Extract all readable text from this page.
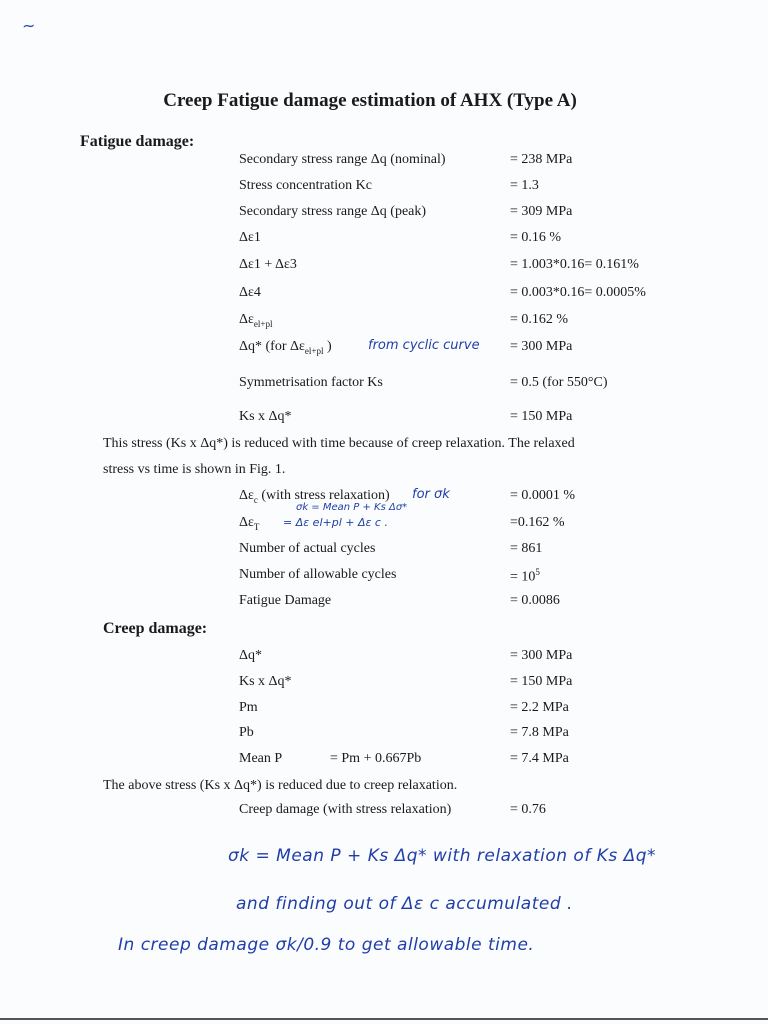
~
Creep Fatigue damage estimation of AHX (Type A)
Fatigue damage:
Secondary stress range Δq (nominal)	= 238 MPa
Stress concentration Kc	= 1.3
Secondary stress range Δq (peak)	= 309 MPa
Δε1	= 0.16 %
Δε1 + Δε3	= 1.003*0.16= 0.161%
Δε4	= 0.003*0.16= 0.0005%
$\Delta\varepsilon_{el+pl}$	= 0.162 %
Δq* (for $\Delta\varepsilon_{el+pl}$ )	from cyclic curve = 300 MPa
Symmetrisation factor Ks	= 0.5 (for 550°C)
Ks x Δq*	= 150 MPa
This stress (Ks x Δq*) is reduced with time because of creep relaxation. The relaxed
stress vs time is shown in Fig. 1.
$\Delta\varepsilon_c$ (with stress relaxation) for σk	= 0.0001 %
σk = Mean P + Ks Δσ*
$\Delta\varepsilon_T = \Delta\varepsilon$ el+pl + Δε c .	=0.162 %
Number of actual cycles	= 861
Number of allowable cycles	= $10^5$
Fatigue Damage	= 0.0086
Creep damage:
Δq*	= 300 MPa
Ks x Δq*	= 150 MPa
Pm	= 2.2 MPa
Pb	= 7.8 MPa
Mean P	= Pm + 0.667Pb	= 7.4 MPa
The above stress (Ks x Δq*) is reduced due to creep relaxation.
Creep damage (with stress relaxation)	= 0.76
σk = Mean P + Ks Δq* with relaxation of Ks Δq*
and finding out of Δε c accumulated .
In creep damage σk/0.9 to get allowable time.
